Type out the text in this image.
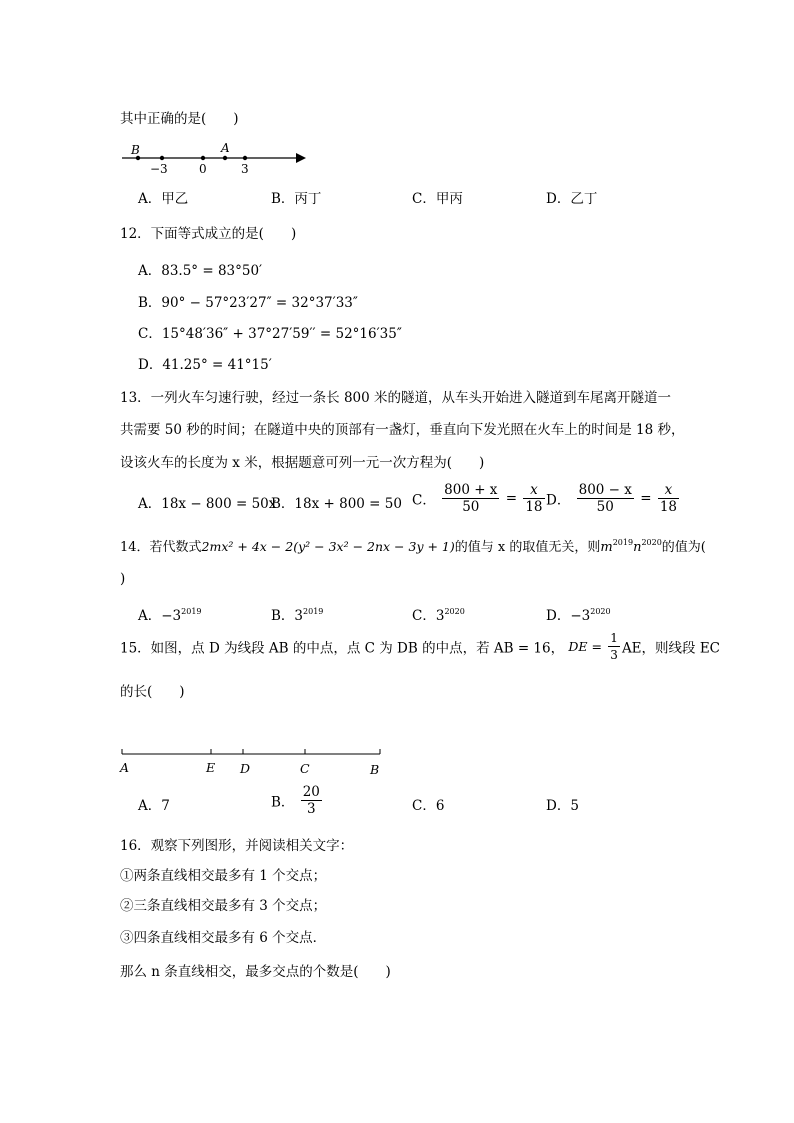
其中正确的是(　　)
B	A
−3	0	3
A．甲乙	B．丙丁	C．甲丙	D．乙丁
12．下面等式成立的是(　　)
A．83.5° = 83°50′
B．90° − 57°23′27″ = 32°37′33″
C．15°48′36″ + 37°27′59′′ = 52°16′35″
D．41.25° = 41°15′
13．一列火车匀速行驶，经过一条长 800 米的隧道，从车头开始进入隧道到车尾离开隧道一
共需要 50 秒的时间；在隧道中央的顶部有一盏灯，垂直向下发光照在火车上的时间是 18 秒，
设该火车的长度为 x 米，根据题意可列一元一次方程为(　　)
A．18x − 800 = 50x
B．18x + 800 = 50 C． $\frac{800 + x}{50} = \frac{x}{18}$ D． $\frac{800 - x}{50} = \frac{x}{18}$
14．若代数式2mx² + 4x − 2(y² − 3x² − 2nx − 3y + 1)的值与 x 的取值无关，则$m^{2019}n^{2020}$的值为(
)
A．$-3^{2019}$	B．$3^{2019}$	C．$3^{2020}$	D．$-3^{2020}$
15．如图，点 D 为线段 AB 的中点，点 C 为 DB 的中点，若 AB = 16， DE = $\frac{1}{3}$ AE，则线段 EC
的长(　　)
A	E D	C	B
A．7	B． $\frac{20}{3}$	C．6	D．5
16．观察下列图形，并阅读相关文字：
①两条直线相交最多有 1 个交点；
②三条直线相交最多有 3 个交点；
③四条直线相交最多有 6 个交点．
那么 n 条直线相交，最多交点的个数是(　　)
